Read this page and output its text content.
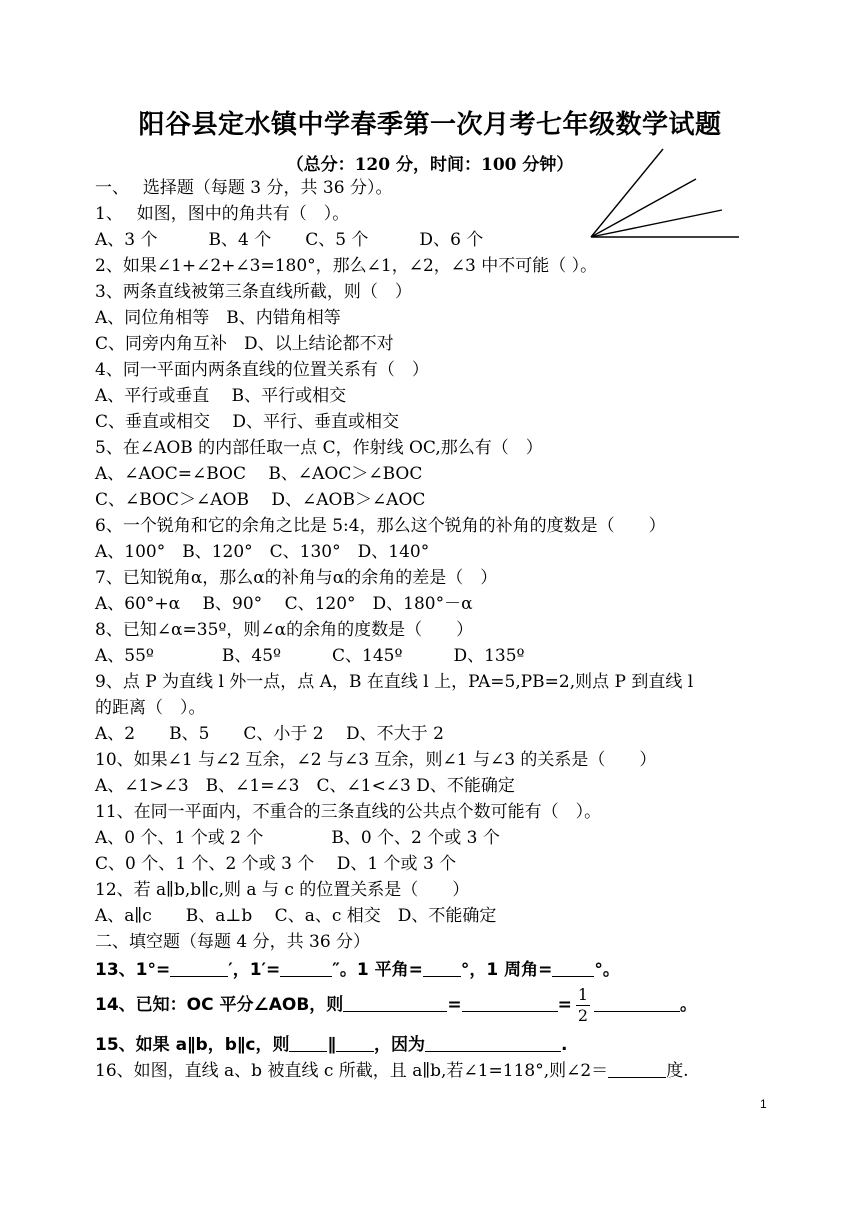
阳谷县定水镇中学春季第一次月考七年级数学试题
（总分：120 分，时间：100 分钟）
一、　 选择题（每题 3 分，共 36 分）。
1、　 如图，图中的角共有（　）。
A、3 个　　　B、4 个　　C、5 个　　　D、6 个
2、如果∠1+∠2+∠3=180°，那么∠1，∠2，∠3 中不可能（ ）。
3、两条直线被第三条直线所截，则（　）
A、同位角相等　B、内错角相等
C、同旁内角互补　D、以上结论都不对
4、同一平面内两条直线的位置关系有（　）
A、平行或垂直　 B、平行或相交
C、垂直或相交　 D、平行、垂直或相交
5、在∠AOB 的内部任取一点 C，作射线 OC,那么有（　）
A、∠AOC=∠BOC　 B、∠AOC＞∠BOC
C、∠BOC＞∠AOB　 D、∠AOB＞∠AOC
6、一个锐角和它的余角之比是 5:4，那么这个锐角的补角的度数是（　　）
A、100°　B、120°　C、130°　D、140°
7、已知锐角α，那么α的补角与α的余角的差是（　）
A、60°+α　 B、90°　 C、120°　D、180°－α
8、已知∠α=35º，则∠α的余角的度数是（　　）
A、55º　　　　B、45º　　　C、145º　　　D、135º
9、点 P 为直线 l 外一点，点 A，B 在直线 l 上，PA=5,PB=2,则点 P 到直线 l
的距离（　）。
A、2　　B、5　　C、小于 2　 D、不大于 2
10、如果∠1 与∠2 互余，∠2 与∠3 互余，则∠1 与∠3 的关系是（　　）
A、∠1>∠3　B、∠1=∠3　C、∠1<∠3 D、不能确定
11、在同一平面内，不重合的三条直线的公共点个数可能有（　）。
A、0 个、1 个或 2 个　　　　B、0 个、2 个或 3 个
C、0 个、1 个、2 个或 3 个　 D、1 个或 3 个
12、若 a∥b,b∥c,则 a 与 c 的位置关系是（　　）
A、a∥c　　B、a⊥b　 C、a、c 相交　D、不能确定
二、填空题（每题 4 分，共 36 分）
13、1°=	′，1′=	″。1 平角= °，1 周角= °。
14、已知：OC 平分∠AOB，则	=	= $\frac{1}{2}$	。
15、如果 a∥b，b∥c，则 ∥ ，因为	.
16、如图，直线 a、b 被直线 c 所截，且 a∥b,若∠1=118°,则∠2＝	度.
1
